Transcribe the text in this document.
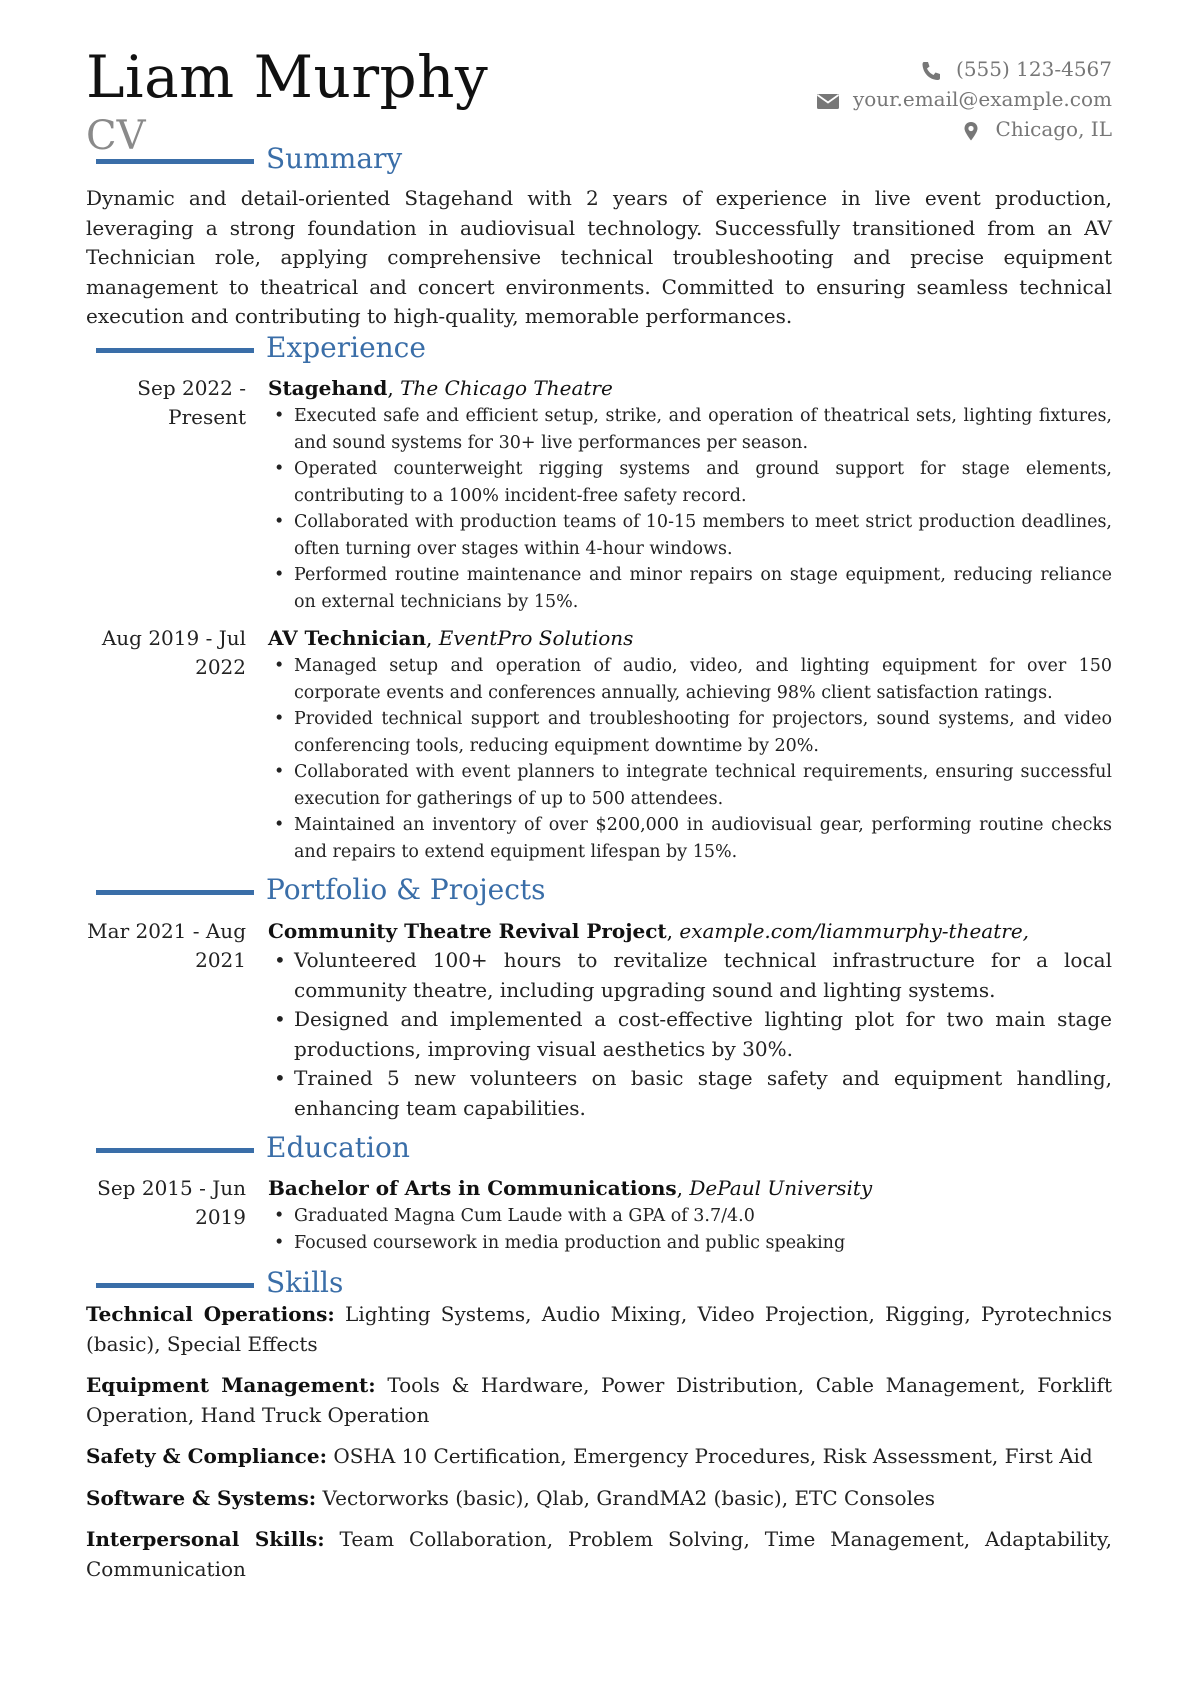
Liam Murphy
CV
(555) 123-4567
your.email@example.com
Chicago, IL
Summary
Dynamic and detail-oriented Stagehand with 2 years of experience in live event production, leveraging a strong foundation in audiovisual technology. Successfully transitioned from an AV Technician role, applying comprehensive technical troubleshooting and precise equipment management to theatrical and concert environments. Committed to ensuring seamless technical execution and contributing to high-quality, memorable performances.
Experience
Sep 2022 - Present
Stagehand, The Chicago Theatre
• Executed safe and efficient setup, strike, and operation of theatrical sets, lighting fixtures, and sound systems for 30+ live performances per season.
• Operated counterweight rigging systems and ground support for stage elements, contributing to a 100% incident-free safety record.
• Collaborated with production teams of 10-15 members to meet strict production deadlines, often turning over stages within 4-hour windows.
• Performed routine maintenance and minor repairs on stage equipment, reducing reliance on external technicians by 15%.
Aug 2019 - Jul 2022
AV Technician, EventPro Solutions
• Managed setup and operation of audio, video, and lighting equipment for over 150 corporate events and conferences annually, achieving 98% client satisfaction ratings.
• Provided technical support and troubleshooting for projectors, sound systems, and video conferencing tools, reducing equipment downtime by 20%.
• Collaborated with event planners to integrate technical requirements, ensuring successful execution for gatherings of up to 500 attendees.
• Maintained an inventory of over $200,000 in audiovisual gear, performing routine checks and repairs to extend equipment lifespan by 15%.
Portfolio & Projects
Mar 2021 - Aug 2021
Community Theatre Revival Project, example.com/liammurphy-theatre,
• Volunteered 100+ hours to revitalize technical infrastructure for a local community theatre, including upgrading sound and lighting systems.
• Designed and implemented a cost-effective lighting plot for two main stage productions, improving visual aesthetics by 30%.
• Trained 5 new volunteers on basic stage safety and equipment handling, enhancing team capabilities.
Education
Sep 2015 - Jun 2019
Bachelor of Arts in Communications, DePaul University
• Graduated Magna Cum Laude with a GPA of 3.7/4.0
• Focused coursework in media production and public speaking
Skills
Technical Operations: Lighting Systems, Audio Mixing, Video Projection, Rigging, Pyrotechnics (basic), Special Effects
Equipment Management: Tools & Hardware, Power Distribution, Cable Management, Forklift Operation, Hand Truck Operation
Safety & Compliance: OSHA 10 Certification, Emergency Procedures, Risk Assessment, First Aid
Software & Systems: Vectorworks (basic), Qlab, GrandMA2 (basic), ETC Consoles
Interpersonal Skills: Team Collaboration, Problem Solving, Time Management, Adaptability, Communication
